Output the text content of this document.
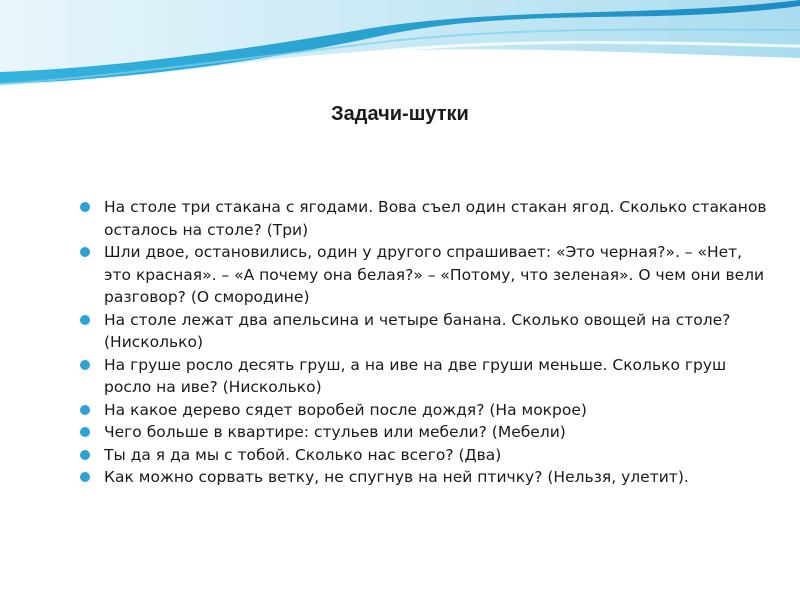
Задачи-шутки
На столе три стакана с ягодами. Вова съел один стакан ягод. Сколько стаканов осталось на столе? (Три)
Шли двое, остановились, один у другого спрашивает: «Это черная?». – «Нет, это красная». – «А почему она белая?» – «Потому, что зеленая». О чем они вели разговор? (О смородине)
На столе лежат два апельсина и четыре банана. Сколько овощей на столе? (Нисколько)
На груше росло десять груш, а на иве на две груши меньше. Сколько груш росло на иве? (Нисколько)
На какое дерево сядет воробей после дождя? (На мокрое)
Чего больше в квартире: стульев или мебели? (Мебели)
Ты да я да мы с тобой. Сколько нас всего? (Два)
Как можно сорвать ветку, не спугнув на ней птичку? (Нельзя, улетит).
